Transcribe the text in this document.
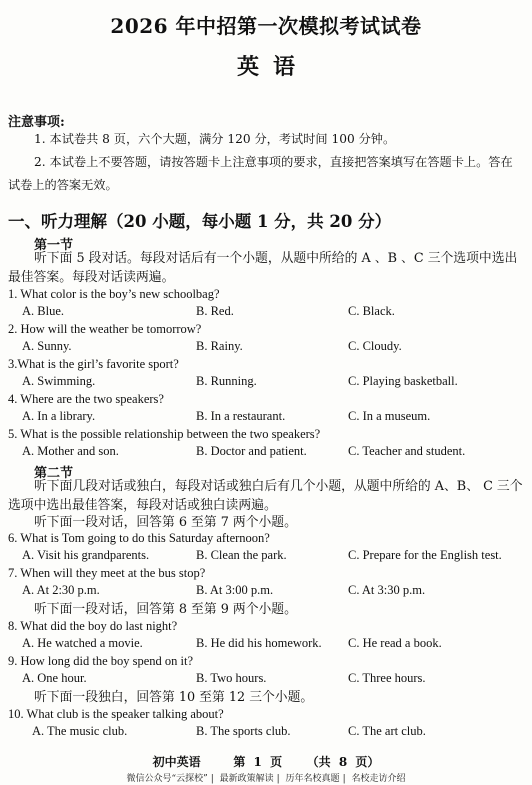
2026 年中招第一次模拟考试试卷
英语
注意事项:
1. 本试卷共 8 页，六个大题，满分 120 分，考试时间 100 分钟。
2. 本试卷上不要答题，请按答题卡上注意事项的要求，直接把答案填写在答题卡上。答在试卷上的答案无效。
一、听力理解（20 小题，每小题 1 分，共 20 分）
第一节
听下面 5 段对话。每段对话后有一个小题，从题中所给的 A 、B 、C 三个选项中选出最佳答案。每段对话读两遍。
1. What color is the boy’s new schoolbag?
A. Blue.	B. Red.	C. Black.
2. How will the weather be tomorrow?
A. Sunny.	B. Rainy.	C. Cloudy.
3.What is the girl’s favorite sport?
A. Swimming.	B. Running.	C. Playing basketball.
4. Where are the two speakers?
A. In a library.	B. In a restaurant.	C. In a museum.
5. What is the possible relationship between the two speakers?
A. Mother and son.	B. Doctor and patient.	C. Teacher and student.
第二节
听下面几段对话或独白，每段对话或独白后有几个小题，从题中所给的 A、B、 C 三个选项中选出最佳答案，每段对话或独白读两遍。
听下面一段对话，回答第 6 至第 7 两个小题。
6. What is Tom going to do this Saturday afternoon?
A. Visit his grandparents.	B. Clean the park.	C. Prepare for the English test.
7. When will they meet at the bus stop?
A. At 2:30 p.m.	B. At 3:00 p.m.	C. At 3:30 p.m.
听下面一段对话，回答第 8 至第 9 两个小题。
8. What did the boy do last night?
A. He watched a movie.	B. He did his homework. C. He read a book.
9. How long did the boy spend on it?
A. One hour.	B. Two hours.	C. Three hours.
听下面一段独白，回答第 10 至第 12 三个小题。
10. What club is the speaker talking about?
A. The music club.	B. The sports club.	C. The art club.
初中英语	第 1 页 （共 8 页）
微信公众号“云探校” | 最新政策解读 | 历年名校真题 | 名校走访介绍
